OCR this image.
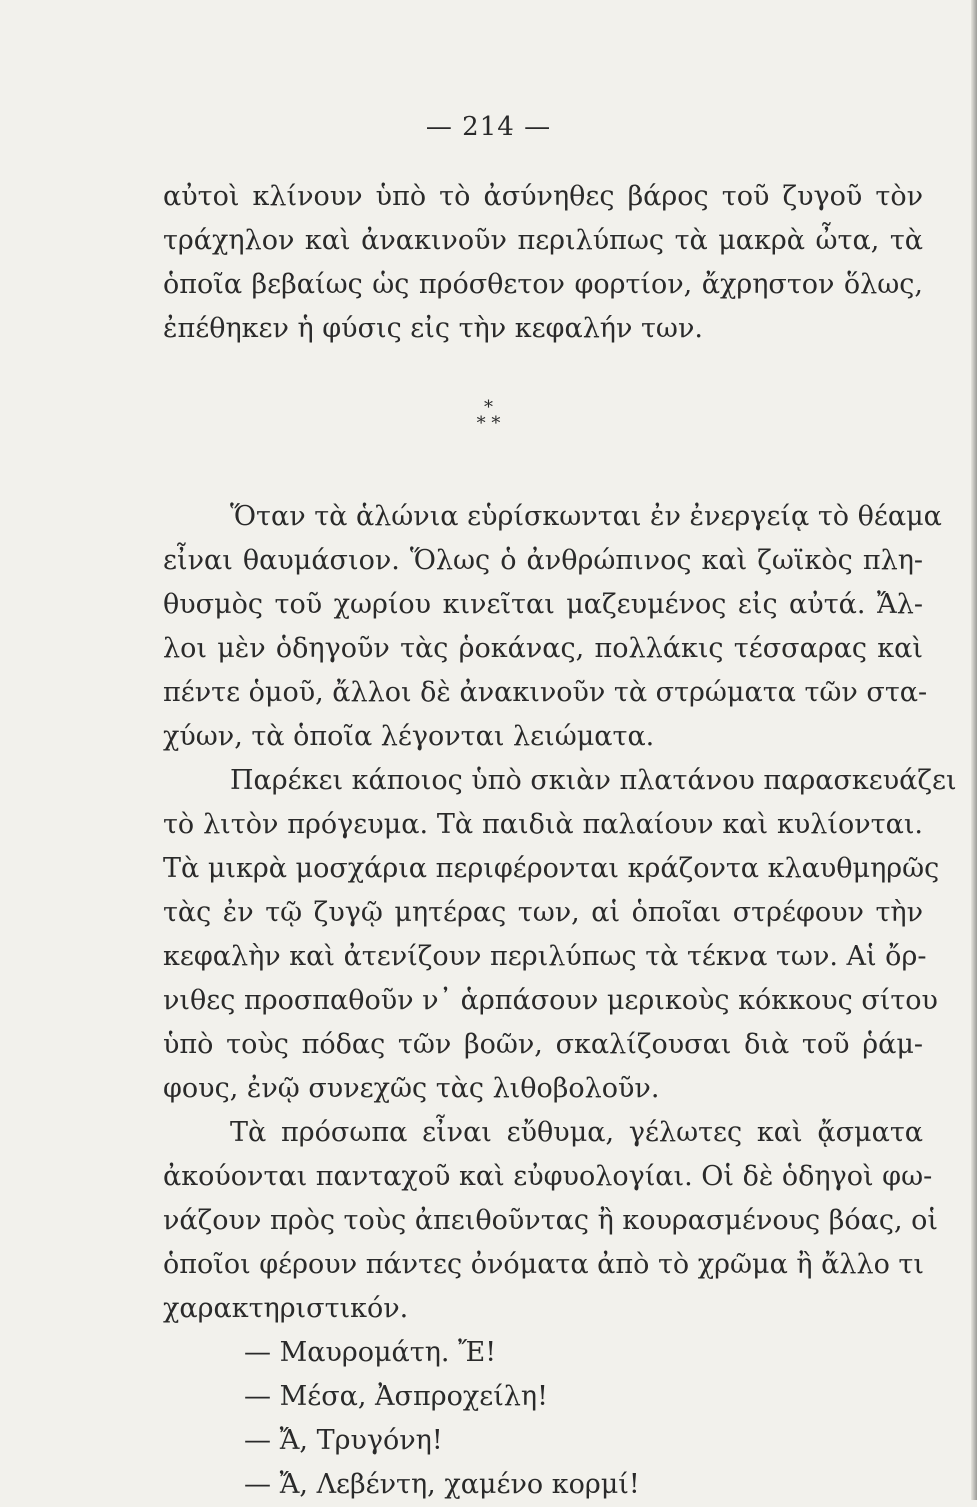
— 214 —
αὐτοὶ κλίνουν ὑπὸ τὸ ἀσύνηθες βάρος τοῦ ζυγοῦ τὸν
τράχηλον καὶ ἀνακινοῦν περιλύπως τὰ μακρὰ ὦτα, τὰ
ὁποῖα βεβαίως ὡς πρόσθετον φορτίον, ἄχρηστον ὅλως,
ἐπέθηκεν ἡ φύσις εἰς τὴν κεφαλήν των.
*
* *
Ὅταν τὰ ἁλώνια εὑρίσκωνται ἐν ἐνεργείᾳ τὸ θέαμα
εἶναι θαυμάσιον. Ὅλως ὁ ἀνθρώπινος καὶ ζωϊκὸς πλη-
θυσμὸς τοῦ χωρίου κινεῖται μαζευμένος εἰς αὐτά. Ἄλ-
λοι μὲν ὁδηγοῦν τὰς ῥοκάνας, πολλάκις τέσσαρας καὶ
πέντε ὁμοῦ, ἄλλοι δὲ ἀνακινοῦν τὰ στρώματα τῶν στα-
χύων, τὰ ὁποῖα λέγονται λειώματα.
Παρέκει κάποιος ὑπὸ σκιὰν πλατάνου παρασκευάζει
τὸ λιτὸν πρόγευμα. Τὰ παιδιὰ παλαίουν καὶ κυλίονται.
Τὰ μικρὰ μοσχάρια περιφέρονται κράζοντα κλαυθμηρῶς
τὰς ἐν τῷ ζυγῷ μητέρας των, αἱ ὁποῖαι στρέφουν τὴν
κεφαλὴν καὶ ἀτενίζουν περιλύπως τὰ τέκνα των. Αἱ ὄρ-
νιθες προσπαθοῦν ν᾽ ἁρπάσουν μερικοὺς κόκκους σίτου
ὑπὸ τοὺς πόδας τῶν βοῶν, σκαλίζουσαι διὰ τοῦ ῥάμ-
φους, ἐνῷ συνεχῶς τὰς λιθοβολοῦν.
Τὰ πρόσωπα εἶναι εὔθυμα, γέλωτες καὶ ᾄσματα
ἀκούονται πανταχοῦ καὶ εὐφυολογίαι. Οἱ δὲ ὁδηγοὶ φω-
νάζουν πρὸς τοὺς ἀπειθοῦντας ἢ κουρασμένους βόας, οἱ
ὁποῖοι φέρουν πάντες ὀνόματα ἀπὸ τὸ χρῶμα ἢ ἄλλο τι
χαρακτηριστικόν.
— Μαυρομάτη. Ἔ!
— Μέσα, Ἀσπροχείλη!
— Ἄ, Τρυγόνη!
— Ἄ, Λεβέντη, χαμένο κορμί!
